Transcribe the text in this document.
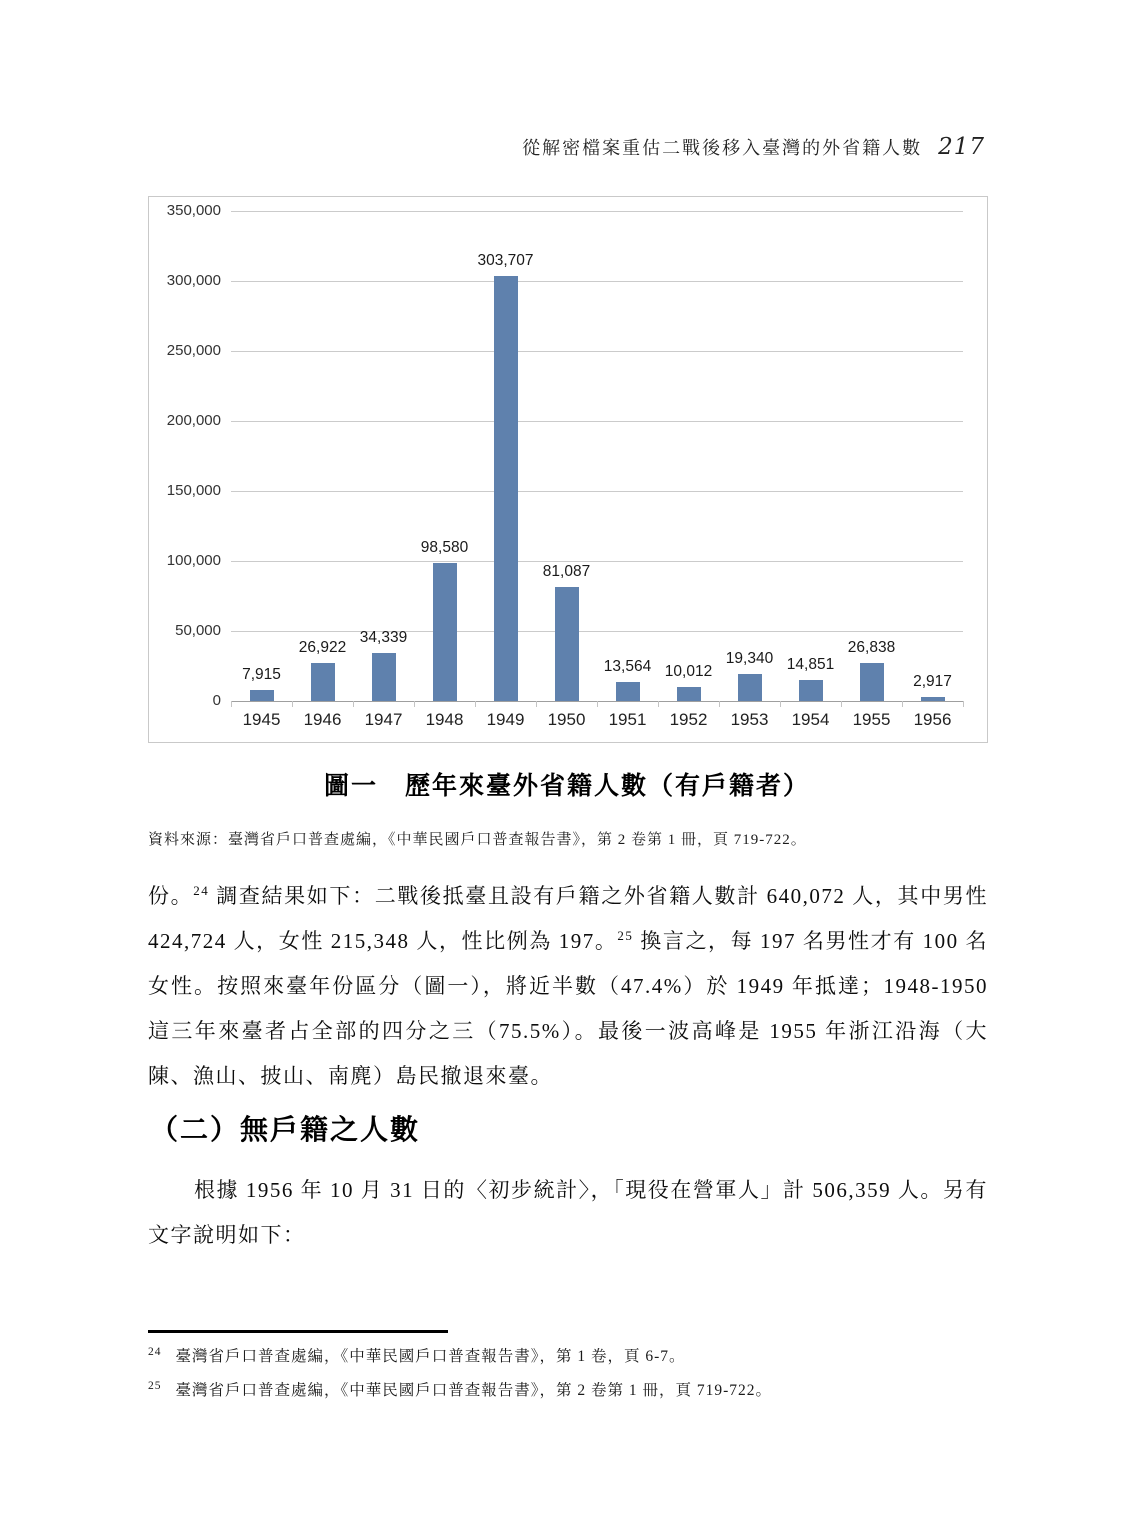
從解密檔案重估二戰後移入臺灣的外省籍人數 217
0
50,000
100,000
150,000
200,000
250,000
300,000
350,000
7,915
1945
26,922
1946
34,339
1947
98,580
1948
303,707
1949
81,087
1950
13,564
1951
10,012
1952
19,340
1953
14,851
1954
26,838
1955
2,917
1956
圖一　歷年來臺外省籍人數（有戶籍者）
資料來源：臺灣省戶口普查處編，《中華民國戶口普查報告書》，第 2 卷第 1 冊，頁 719-722。
份。$^{24}$ 調查結果如下：二戰後抵臺且設有戶籍之外省籍人數計 640,072 人，其中男性 424,724 人，女性 215,348 人，性比例為 197。$^{25}$ 換言之，每 197 名男性才有 100 名女性。按照來臺年份區分（圖一），將近半數（47.4%）於 1949 年抵達；1948-1950 這三年來臺者占全部的四分之三（75.5%）。最後一波高峰是 1955 年浙江沿海（大陳、漁山、披山、南麂）島民撤退來臺。
（二）無戶籍之人數
根據 1956 年 10 月 31 日的〈初步統計〉，「現役在營軍人」計 506,359 人。另有文字說明如下：
$^{24}$ 臺灣省戶口普查處編，《中華民國戶口普查報告書》，第 1 卷，頁 6-7。
$^{25}$ 臺灣省戶口普查處編，《中華民國戶口普查報告書》，第 2 卷第 1 冊，頁 719-722。
